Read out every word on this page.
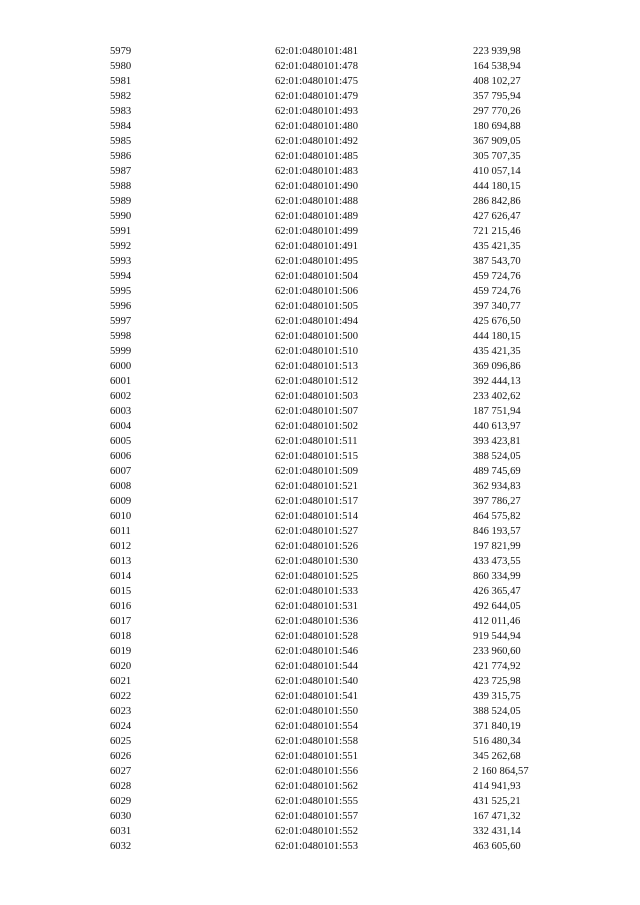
5979	62:01:0480101:481	223 939,98
5980	62:01:0480101:478	164 538,94
5981	62:01:0480101:475	408 102,27
5982	62:01:0480101:479	357 795,94
5983	62:01:0480101:493	297 770,26
5984	62:01:0480101:480	180 694,88
5985	62:01:0480101:492	367 909,05
5986	62:01:0480101:485	305 707,35
5987	62:01:0480101:483	410 057,14
5988	62:01:0480101:490	444 180,15
5989	62:01:0480101:488	286 842,86
5990	62:01:0480101:489	427 626,47
5991	62:01:0480101:499	721 215,46
5992	62:01:0480101:491	435 421,35
5993	62:01:0480101:495	387 543,70
5994	62:01:0480101:504	459 724,76
5995	62:01:0480101:506	459 724,76
5996	62:01:0480101:505	397 340,77
5997	62:01:0480101:494	425 676,50
5998	62:01:0480101:500	444 180,15
5999	62:01:0480101:510	435 421,35
6000	62:01:0480101:513	369 096,86
6001	62:01:0480101:512	392 444,13
6002	62:01:0480101:503	233 402,62
6003	62:01:0480101:507	187 751,94
6004	62:01:0480101:502	440 613,97
6005	62:01:0480101:511	393 423,81
6006	62:01:0480101:515	388 524,05
6007	62:01:0480101:509	489 745,69
6008	62:01:0480101:521	362 934,83
6009	62:01:0480101:517	397 786,27
6010	62:01:0480101:514	464 575,82
6011	62:01:0480101:527	846 193,57
6012	62:01:0480101:526	197 821,99
6013	62:01:0480101:530	433 473,55
6014	62:01:0480101:525	860 334,99
6015	62:01:0480101:533	426 365,47
6016	62:01:0480101:531	492 644,05
6017	62:01:0480101:536	412 011,46
6018	62:01:0480101:528	919 544,94
6019	62:01:0480101:546	233 960,60
6020	62:01:0480101:544	421 774,92
6021	62:01:0480101:540	423 725,98
6022	62:01:0480101:541	439 315,75
6023	62:01:0480101:550	388 524,05
6024	62:01:0480101:554	371 840,19
6025	62:01:0480101:558	516 480,34
6026	62:01:0480101:551	345 262,68
6027	62:01:0480101:556	2 160 864,57
6028	62:01:0480101:562	414 941,93
6029	62:01:0480101:555	431 525,21
6030	62:01:0480101:557	167 471,32
6031	62:01:0480101:552	332 431,14
6032	62:01:0480101:553	463 605,60
